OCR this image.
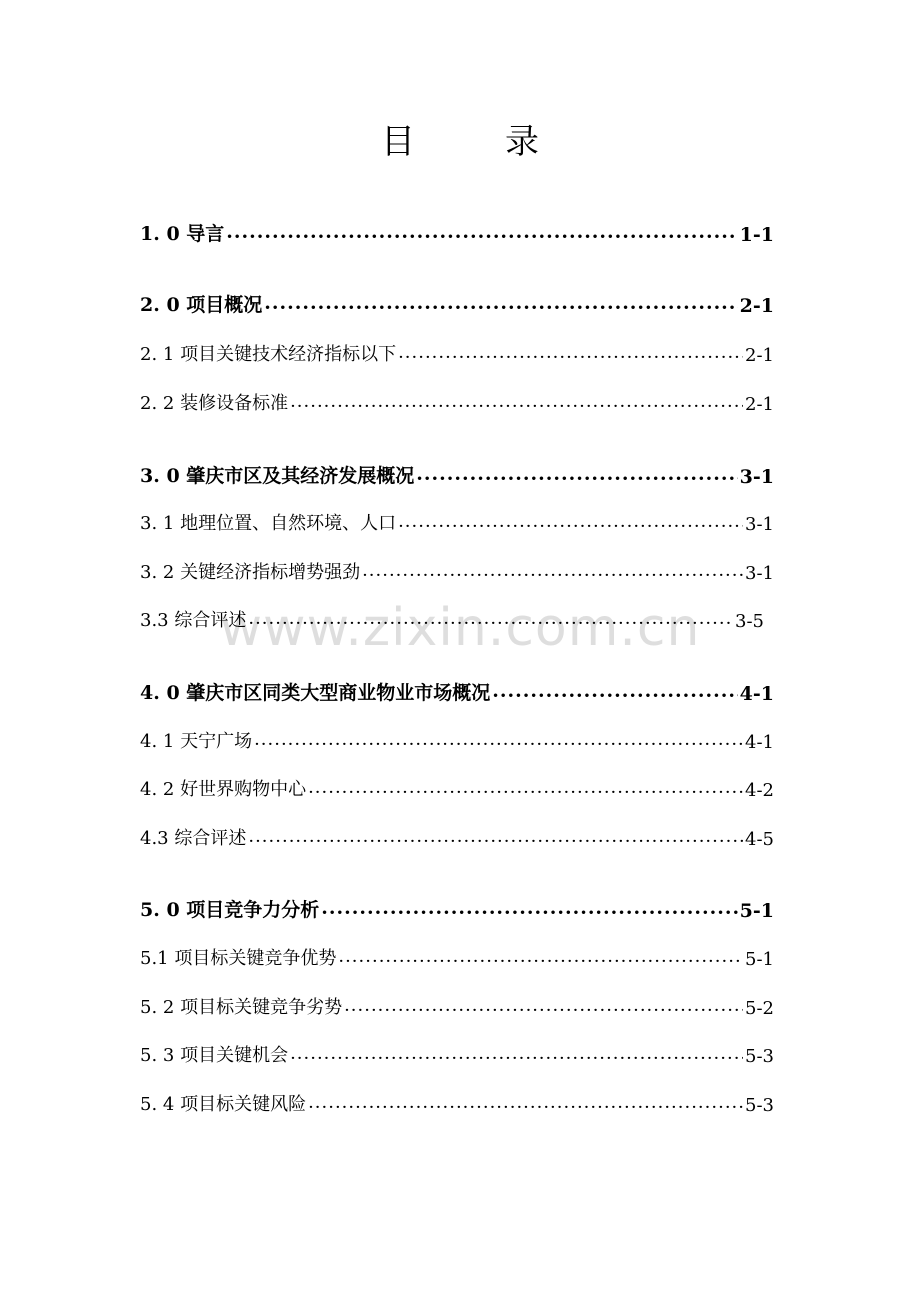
目	录
www.zixin.com.cn
1. 0 导言 ·····	1-1
2. 0 项目概况 ·····	2-1
2. 1 项目关键技术经济指标以下 ·····	2-1
2. 2 装修设备标准 ·····	2-1
3. 0 肇庆市区及其经济发展概况 ·····	3-1
3. 1 地理位置、自然环境、人口 ·····	3-1
3. 2 关键经济指标增势强劲 ·····	3-1
3.3 综合评述 ·····	3-5
4. 0 肇庆市区同类大型商业物业市场概况 ·····	4-1
4. 1 天宁广场 ·····	4-1
4. 2 好世界购物中心 ·····	4-2
4.3 综合评述 ·····	4-5
5. 0 项目竞争力分析 ·····	5-1
5.1 项目标关键竞争优势 ·····	5-1
5. 2 项目标关键竞争劣势 ·····	5-2
5. 3 项目关键机会 ·····	5-3
5. 4 项目标关键风险 ·····	5-3
